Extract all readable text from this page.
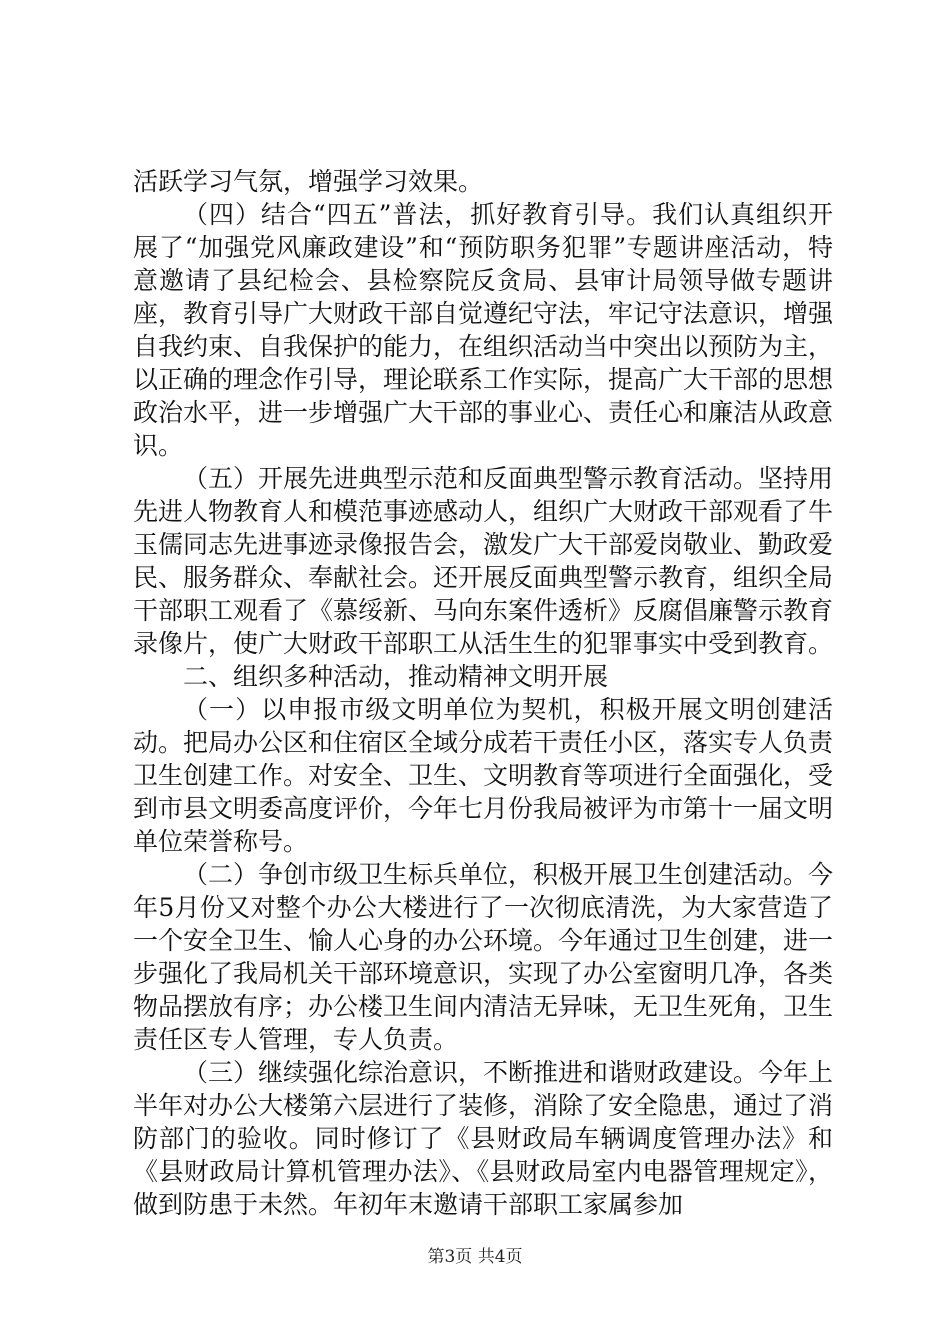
活跃学习气氛，增强学习效果。

（四）结合“四五”普法，抓好教育引导。我们认真组织开展了“加强党风廉政建设”和“预防职务犯罪”专题讲座活动，特意邀请了县纪检会、县检察院反贪局、县审计局领导做专题讲座，教育引导广大财政干部自觉遵纪守法，牢记守法意识，增强自我约束、自我保护的能力，在组织活动当中突出以预防为主，以正确的理念作引导，理论联系工作实际，提高广大干部的思想政治水平，进一步增强广大干部的事业心、责任心和廉洁从政意识。

（五）开展先进典型示范和反面典型警示教育活动。坚持用先进人物教育人和模范事迹感动人，组织广大财政干部观看了牛玉儒同志先进事迹录像报告会，激发广大干部爱岗敬业、勤政爱民、服务群众、奉献社会。还开展反面典型警示教育，组织全局干部职工观看了《慕绥新、马向东案件透析》反腐倡廉警示教育录像片，使广大财政干部职工从活生生的犯罪事实中受到教育。

二、组织多种活动，推动精神文明开展

（一）以申报市级文明单位为契机，积极开展文明创建活动。把局办公区和住宿区全域分成若干责任小区，落实专人负责卫生创建工作。对安全、卫生、文明教育等项进行全面强化，受到市县文明委高度评价，今年七月份我局被评为市第十一届文明单位荣誉称号。

（二）争创市级卫生标兵单位，积极开展卫生创建活动。今年5月份又对整个办公大楼进行了一次彻底清洗，为大家营造了一个安全卫生、愉人心身的办公环境。今年通过卫生创建，进一步强化了我局机关干部环境意识，实现了办公室窗明几净，各类物品摆放有序；办公楼卫生间内清洁无异味，无卫生死角，卫生责任区专人管理，专人负责。

（三）继续强化综治意识，不断推进和谐财政建设。今年上半年对办公大楼第六层进行了装修，消除了安全隐患，通过了消防部门的验收。同时修订了《县财政局车辆调度管理办法》和《县财政局计算机管理办法》、《县财政局室内电器管理规定》，做到防患于未然。年初年末邀请干部职工家属参加

第3页 共4页
